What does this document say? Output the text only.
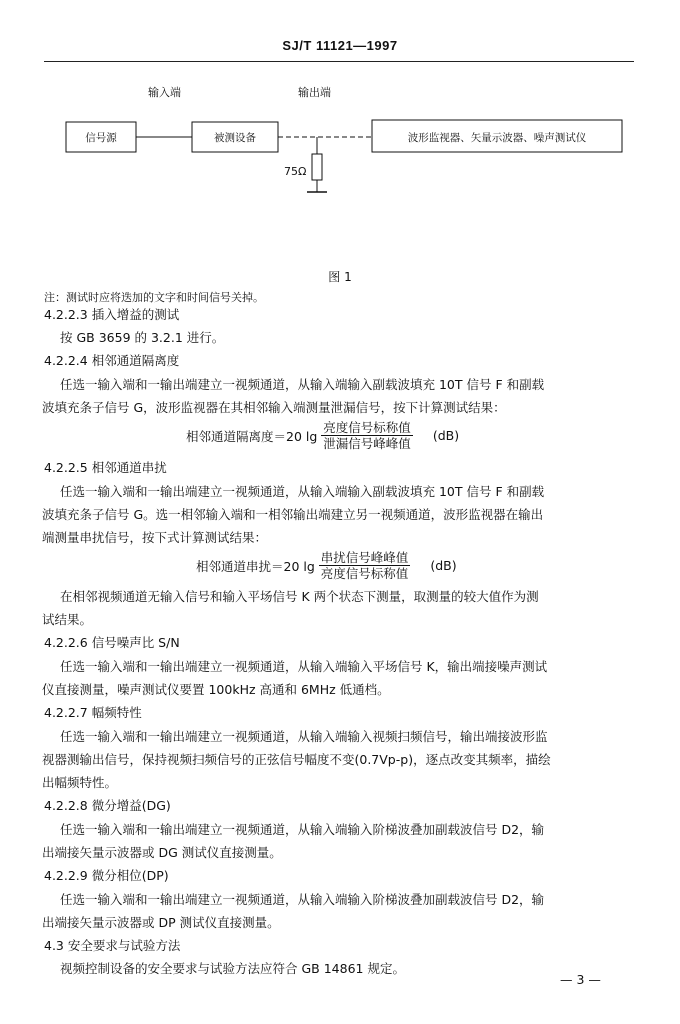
SJ/T 11121—1997
输入端	输出端
信号源	被测设备	波形监视器、矢量示波器、噪声测试仪
75Ω
图 1
注：测试时应将迭加的文字和时间信号关掉。
4.2.2.3 插入增益的测试
按 GB 3659 的 3.2.1 进行。
4.2.2.4 相邻通道隔离度
任选一输入端和一输出端建立一视频通道，从输入端输入副载波填充 10T 信号 F 和副载
波填充条子信号 G，波形监视器在其相邻输入端测量泄漏信号，按下计算测试结果：
相邻通道隔离度＝20 $\lg \frac{\text{亮度信号标称值}}{\text{泄漏信号峰峰值}} (dB)$
4.2.2.5 相邻通道串扰
任选一输入端和一输出端建立一视频通道，从输入端输入副载波填充 10T 信号 F 和副载
波填充条子信号 G。选一相邻输入端和一相邻输出端建立另一视频通道，波形监视器在输出
端测量串扰信号，按下式计算测试结果：
相邻通道串扰＝20 $\lg \frac{\text{串扰信号峰峰值}}{\text{亮度信号标称值}} (dB)$
在相邻视频通道无输入信号和输入平场信号 K 两个状态下测量，取测量的较大值作为测
试结果。
4.2.2.6 信号噪声比 S/N
任选一输入端和一输出端建立一视频通道，从输入端输入平场信号 K，输出端接噪声测试
仪直接测量，噪声测试仪要置 100kHz 高通和 6MHz 低通档。
4.2.2.7 幅频特性
任选一输入端和一输出端建立一视频通道，从输入端输入视频扫频信号，输出端接波形监
视器测输出信号，保持视频扫频信号的正弦信号幅度不变(0.7Vp-p)，逐点改变其频率，描绘
出幅频特性。
4.2.2.8 微分增益(DG)
任选一输入端和一输出端建立一视频通道，从输入端输入阶梯波叠加副载波信号 D2，输
出端接矢量示波器或 DG 测试仪直接测量。
4.2.2.9 微分相位(DP)
任选一输入端和一输出端建立一视频通道，从输入端输入阶梯波叠加副载波信号 D2，输
出端接矢量示波器或 DP 测试仪直接测量。
4.3 安全要求与试验方法
视频控制设备的安全要求与试验方法应符合 GB 14861 规定。
— 3 —
